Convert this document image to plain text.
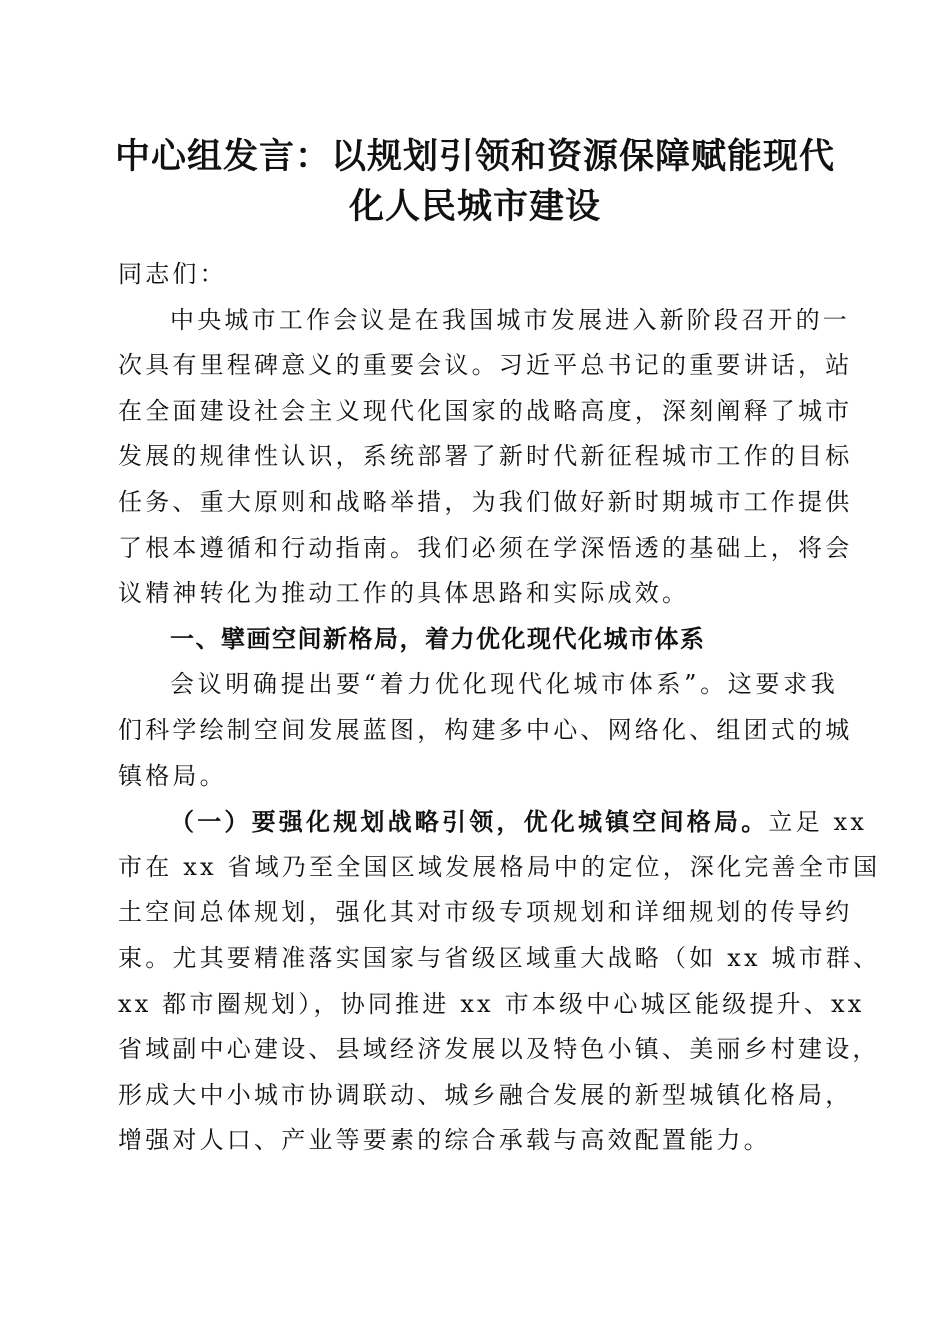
中心组发言：以规划引领和资源保障赋能现代
化人民城市建设
同志们：
中央城市工作会议是在我国城市发展进入新阶段召开的一
次具有里程碑意义的重要会议。习近平总书记的重要讲话，站
在全面建设社会主义现代化国家的战略高度，深刻阐释了城市
发展的规律性认识，系统部署了新时代新征程城市工作的目标
任务、重大原则和战略举措，为我们做好新时期城市工作提供
了根本遵循和行动指南。我们必须在学深悟透的基础上，将会
议精神转化为推动工作的具体思路和实际成效。
一、擘画空间新格局，着力优化现代化城市体系
会议明确提出要“着力优化现代化城市体系”。这要求我
们科学绘制空间发展蓝图，构建多中心、网络化、组团式的城
镇格局。
（一）要强化规划战略引领，优化城镇空间格局。立足 xx
市在 xx 省域乃至全国区域发展格局中的定位，深化完善全市国
土空间总体规划，强化其对市级专项规划和详细规划的传导约
束。尤其要精准落实国家与省级区域重大战略（如 xx 城市群、
xx 都市圈规划），协同推进 xx 市本级中心城区能级提升、xx
省域副中心建设、县域经济发展以及特色小镇、美丽乡村建设，
形成大中小城市协调联动、城乡融合发展的新型城镇化格局，
增强对人口、产业等要素的综合承载与高效配置能力。
